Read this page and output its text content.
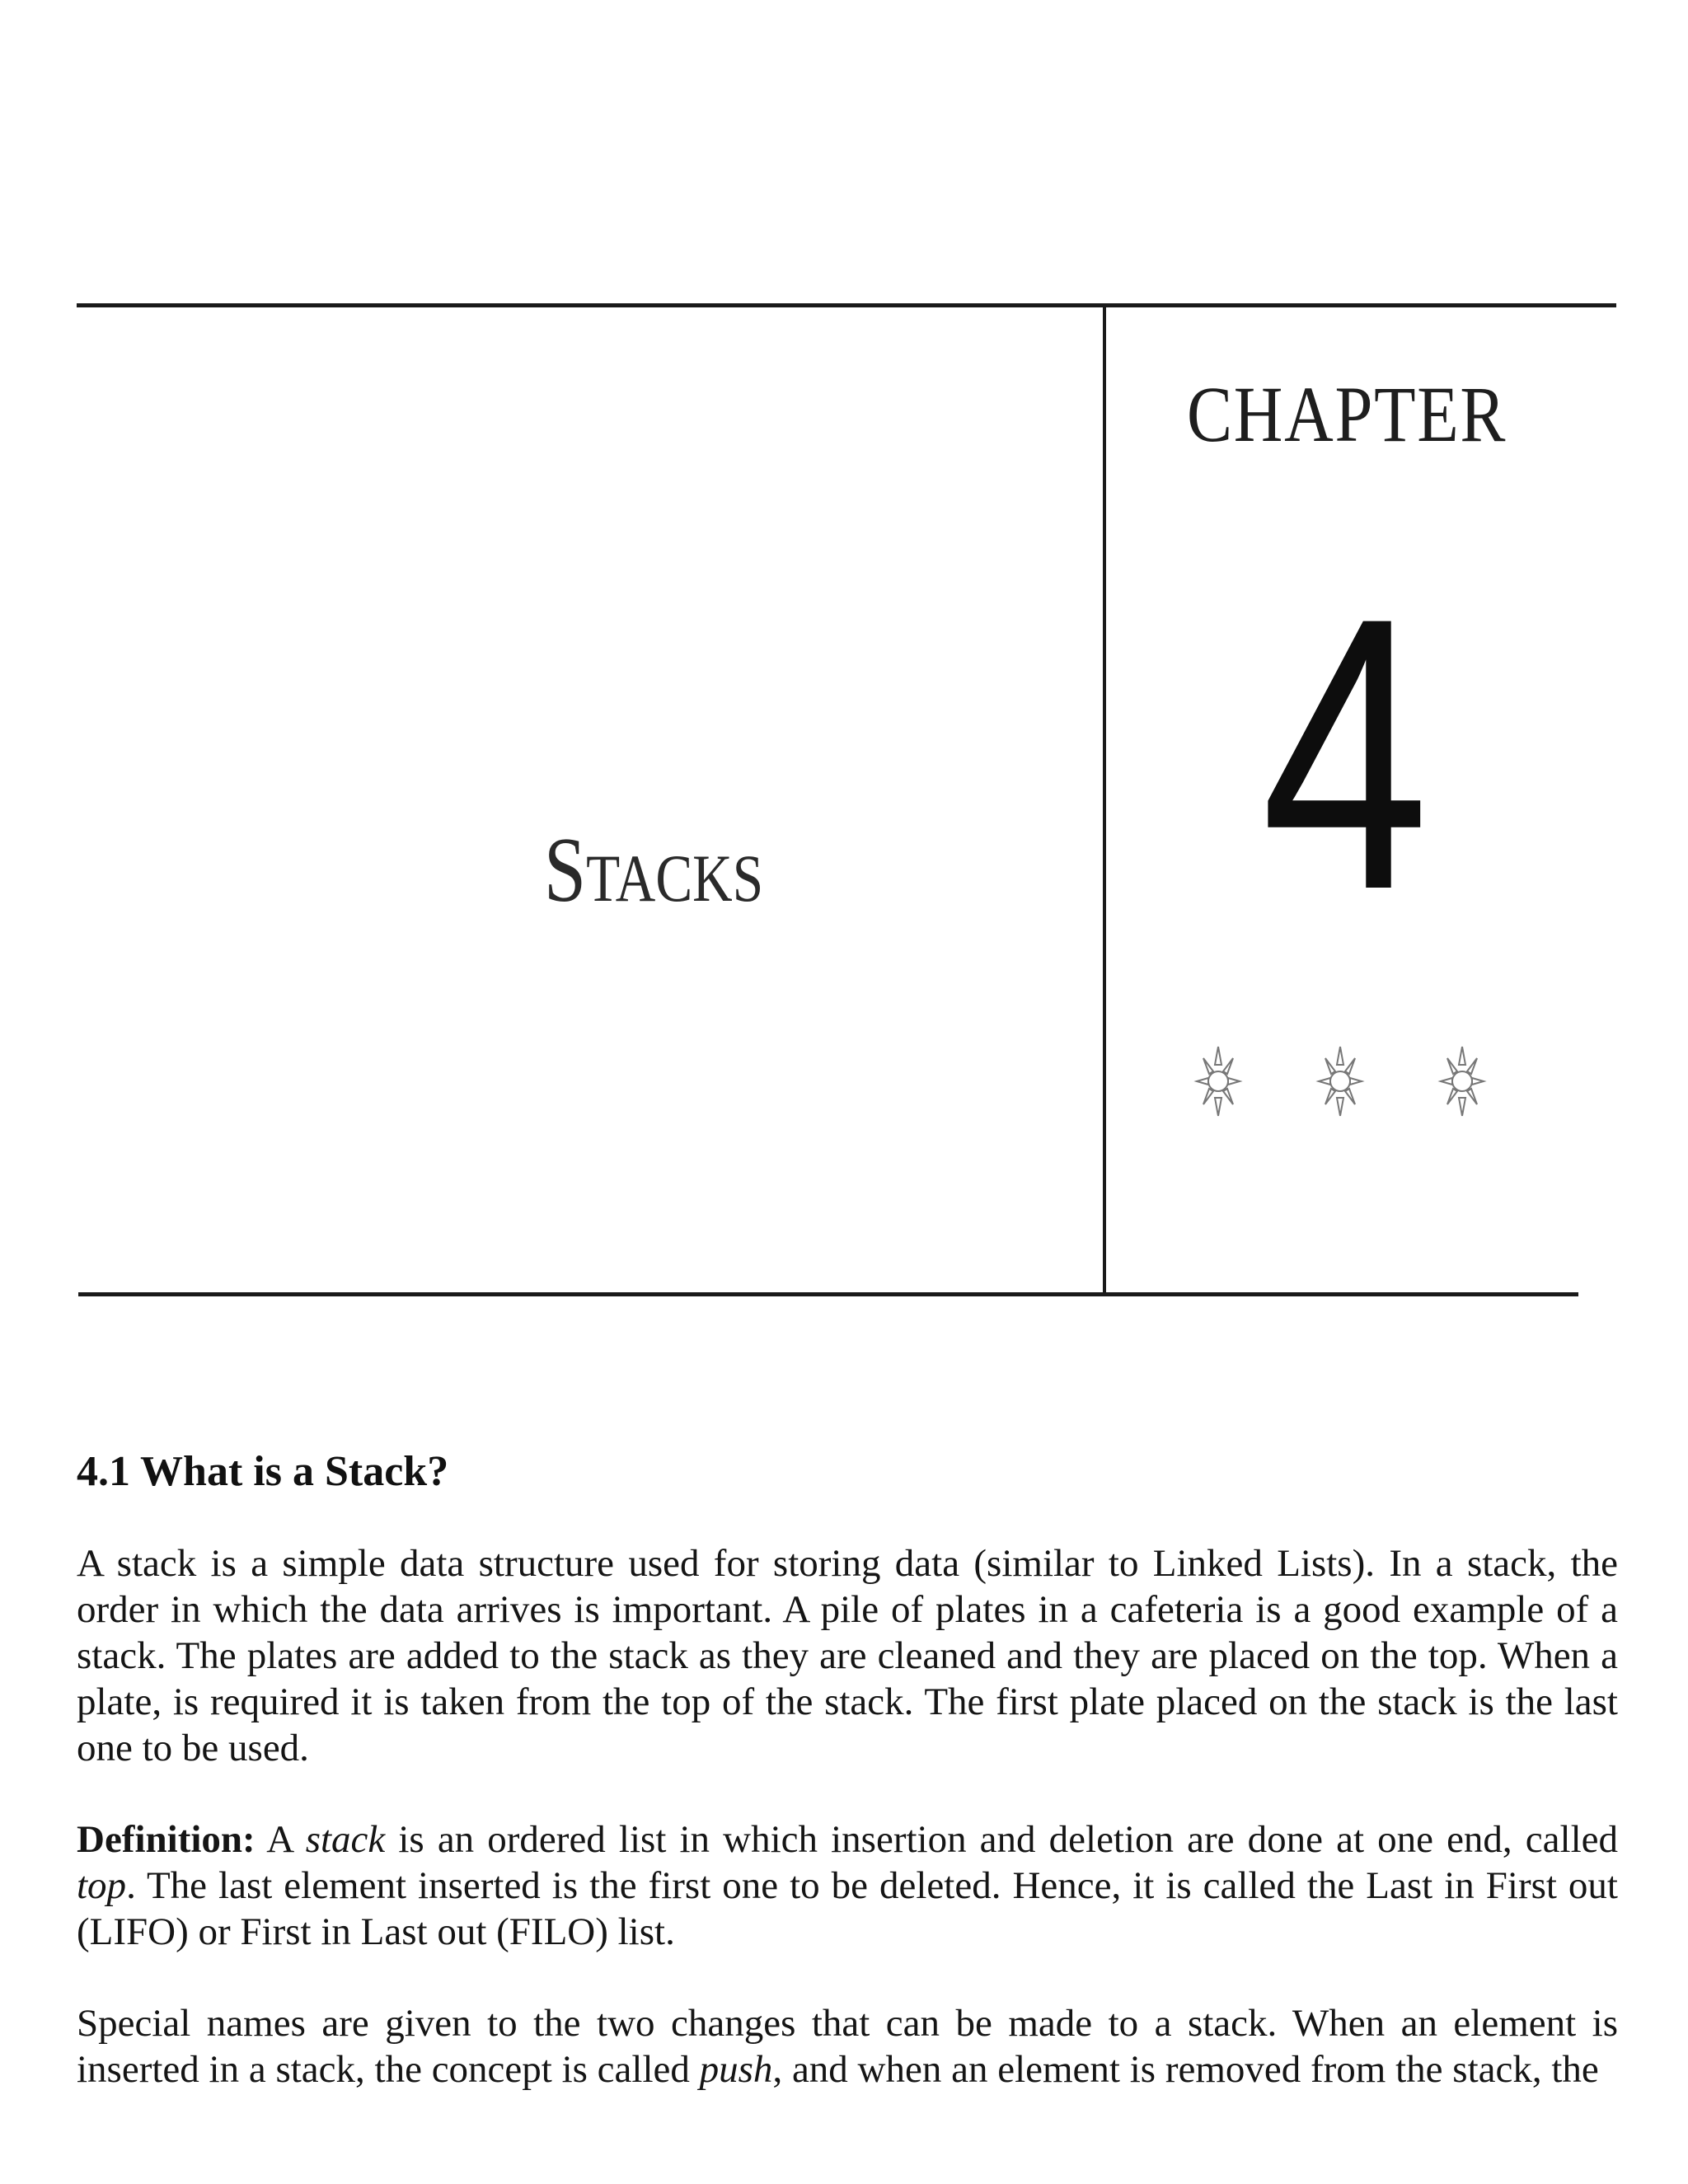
CHAPTER
4
STACKS
4.1 What is a Stack?

A stack is a simple data structure used for storing data (similar to Linked Lists). In a stack, the order in which the data arrives is important. A pile of plates in a cafeteria is a good example of a stack. The plates are added to the stack as they are cleaned and they are placed on the top. When a plate, is required it is taken from the top of the stack. The first plate placed on the stack is the last one to be used.

Definition: A stack is an ordered list in which insertion and deletion are done at one end, called top. The last element inserted is the first one to be deleted. Hence, it is called the Last in First out (LIFO) or First in Last out (FILO) list.

Special names are given to the two changes that can be made to a stack. When an element is inserted in a stack, the concept is called push, and when an element is removed from the stack, the
